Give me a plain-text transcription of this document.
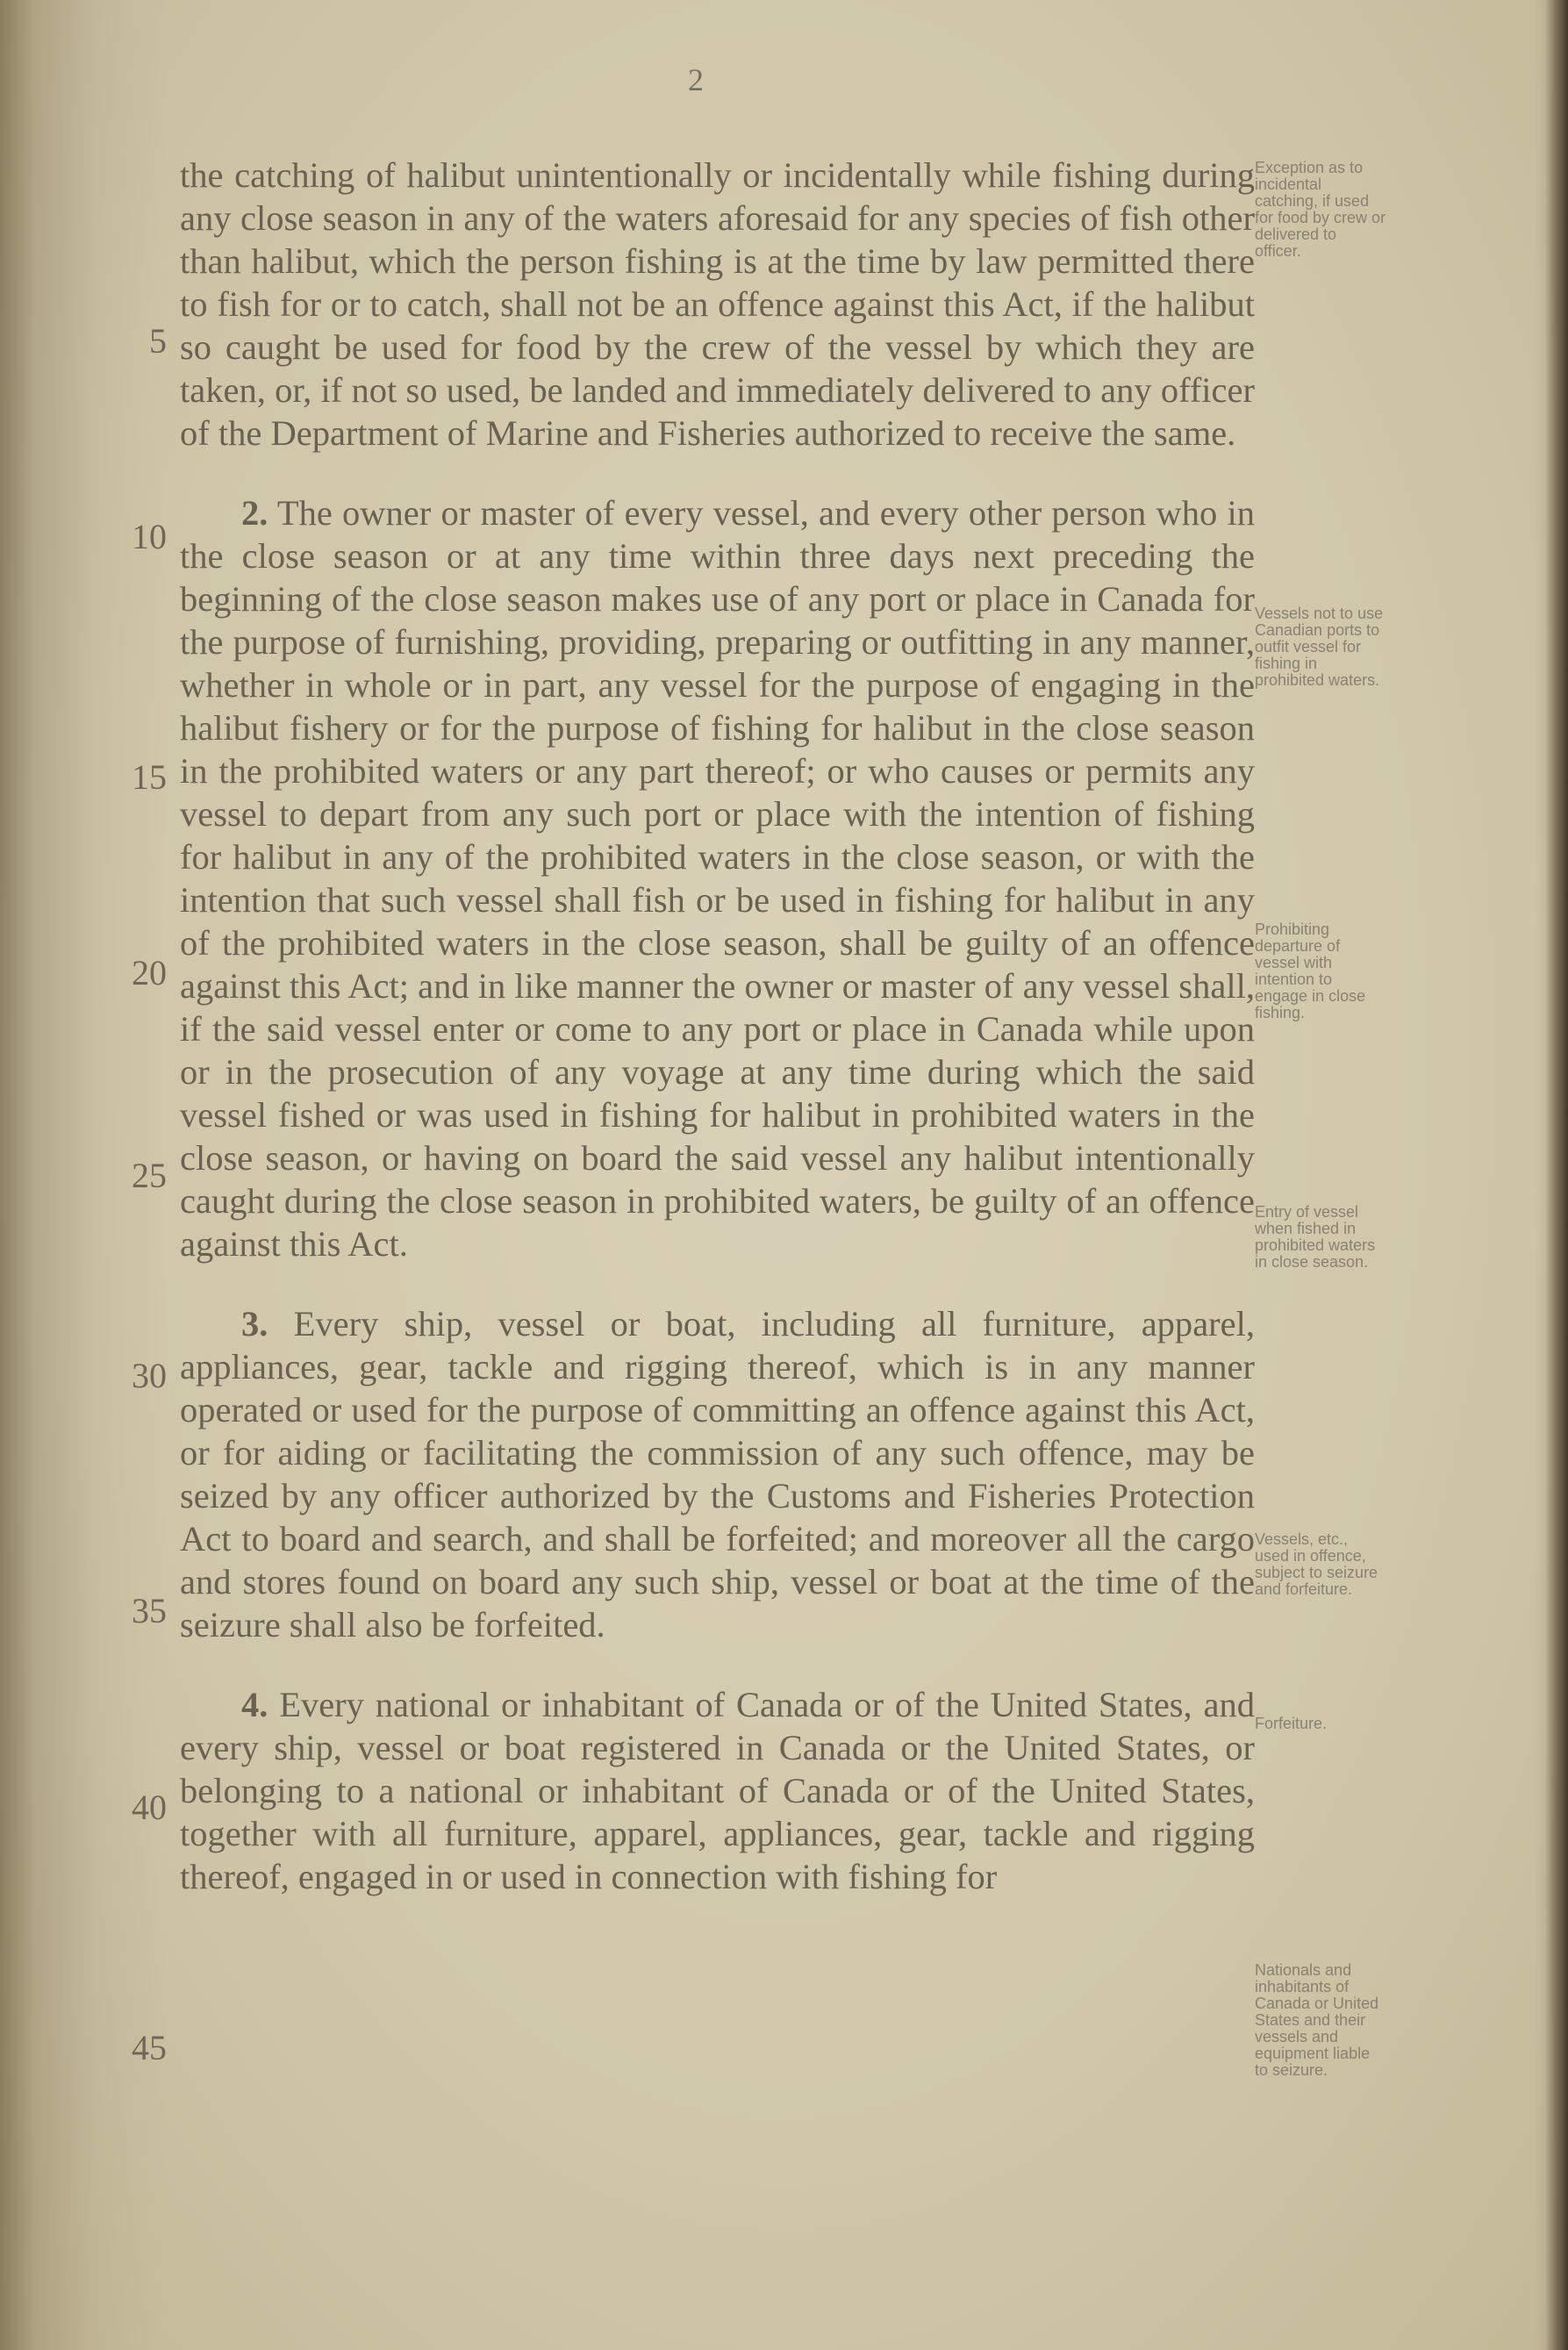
2

the catching of halibut unintentionally or incidentally while fishing during any close season in any of the waters aforesaid for any species of fish other than halibut, which the person fishing is at the time by law permitted there to fish for or to catch, shall not be an offence against this Act, if the halibut so caught be used for food by the crew of the vessel by which they are taken, or, if not so used, be landed and immediately delivered to any officer of the Department of Marine and Fisheries authorized to receive the same.

2. The owner or master of every vessel, and every other person who in the close season or at any time within three days next preceding the beginning of the close season makes use of any port or place in Canada for the purpose of furnishing, providing, preparing or outfitting in any manner, whether in whole or in part, any vessel for the purpose of engaging in the halibut fishery or for the purpose of fishing for halibut in the close season in the prohibited waters or any part thereof; or who causes or permits any vessel to depart from any such port or place with the intention of fishing for halibut in any of the prohibited waters in the close season, or with the intention that such vessel shall fish or be used in fishing for halibut in any of the prohibited waters in the close season, shall be guilty of an offence against this Act; and in like manner the owner or master of any vessel shall, if the said vessel enter or come to any port or place in Canada while upon or in the prosecution of any voyage at any time during which the said vessel fished or was used in fishing for halibut in prohibited waters in the close season, or having on board the said vessel any halibut intentionally caught during the close season in prohibited waters, be guilty of an offence against this Act.

3. Every ship, vessel or boat, including all furniture, apparel, appliances, gear, tackle and rigging thereof, which is in any manner operated or used for the purpose of committing an offence against this Act, or for aiding or facilitating the commission of any such offence, may be seized by any officer authorized by the Customs and Fisheries Protection Act to board and search, and shall be forfeited; and moreover all the cargo and stores found on board any such ship, vessel or boat at the time of the seizure shall also be forfeited.

4. Every national or inhabitant of Canada or of the United States, and every ship, vessel or boat registered in Canada or the United States, or belonging to a national or inhabitant of Canada or of the United States, together with all furniture, apparel, appliances, gear, tackle and rigging thereof, engaged in or used in connection with fishing for

5
10
15
20
25
30
35
40
45
Exception as to incidental catching, if used for food by crew or delivered to officer.
Vessels not to use Canadian ports to outfit vessel for fishing in prohibited waters.
Prohibiting departure of vessel with intention to engage in close fishing.
Entry of vessel when fished in prohibited waters in close season.
Vessels, etc., used in offence, subject to seizure and forfeiture.
Forfeiture.
Nationals and inhabitants of Canada or United States and their vessels and equipment liable to seizure.
